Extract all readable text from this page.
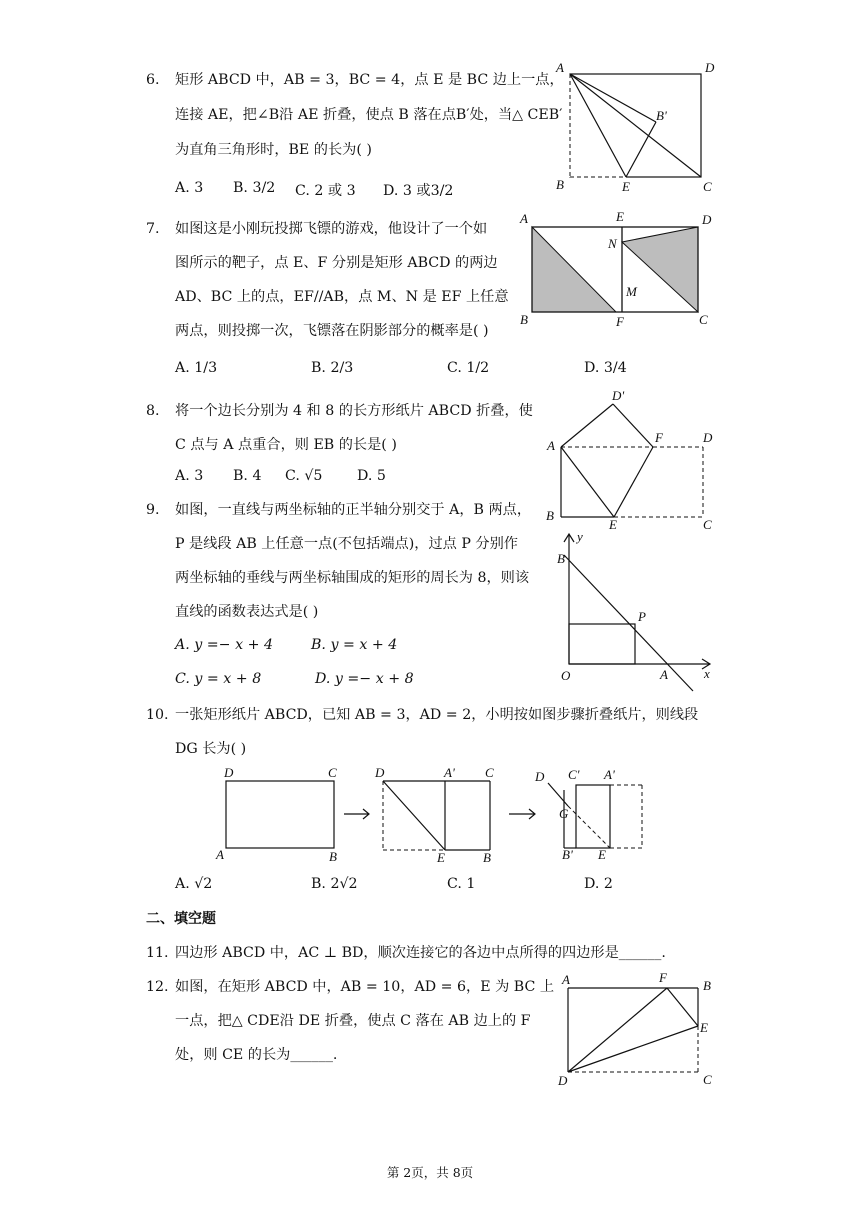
6. 矩形 ABCD 中，AB = 3，BC = 4，点 E 是 BC 边上一点，
连接 AE，把∠B沿 AE 折叠，使点 B 落在点B′处，当△ CEB′
为直角三角形时，BE 的长为( )
A. 3 B. 3/2 C. 2 或 3 D. 3 或3/2
A	D
B'
B	E	C
7. 如图这是小刚玩投掷飞镖的游戏，他设计了一个如
图所示的靶子，点 E、F 分别是矩形 ABCD 的两边
AD、BC 上的点，EF//AB，点 M、N 是 EF 上任意
两点，则投掷一次，飞镖落在阴影部分的概率是( )
A. 1/3	B. 2/3	C. 1/2	D. 3/4
A	E	D
N
M
B	F	C
8. 将一个边长分别为 4 和 8 的长方形纸片 ABCD 折叠，使
C 点与 A 点重合，则 EB 的长是( )
A. 3 B. 4 C. √5 D. 5
D'
A
F	D
B
E	C
9. 如图，一直线与两坐标轴的正半轴分别交于 A，B 两点，
P 是线段 AB 上任意一点(不包括端点)，过点 P 分别作
两坐标轴的垂线与两坐标轴围成的矩形的周长为 8，则该
直线的函数表达式是( )
A. y =− x + 4	B. y = x + 4
C. y = x + 8	D. y =− x + 8
y
B
P
O	A	x
10. 一张矩形纸片 ABCD，已知 AB = 3，AD = 2，小明按如图步骤折叠纸片，则线段
DG 长为( )
D	C
A	B
D	A' C
E	B
D C' A'
G
B' E
A. √2	B. 2√2	C. 1	D. 2
二、填空题
11. 四边形 ABCD 中，AC ⊥ BD，顺次连接它的各边中点所得的四边形是______.
12. 如图，在矩形 ABCD 中，AB = 10，AD = 6，E 为 BC 上
一点，把△ CDE沿 DE 折叠，使点 C 落在 AB 边上的 F
处，则 CE 的长为______.
A	F
B
E
D	C
第 2页，共 8页
